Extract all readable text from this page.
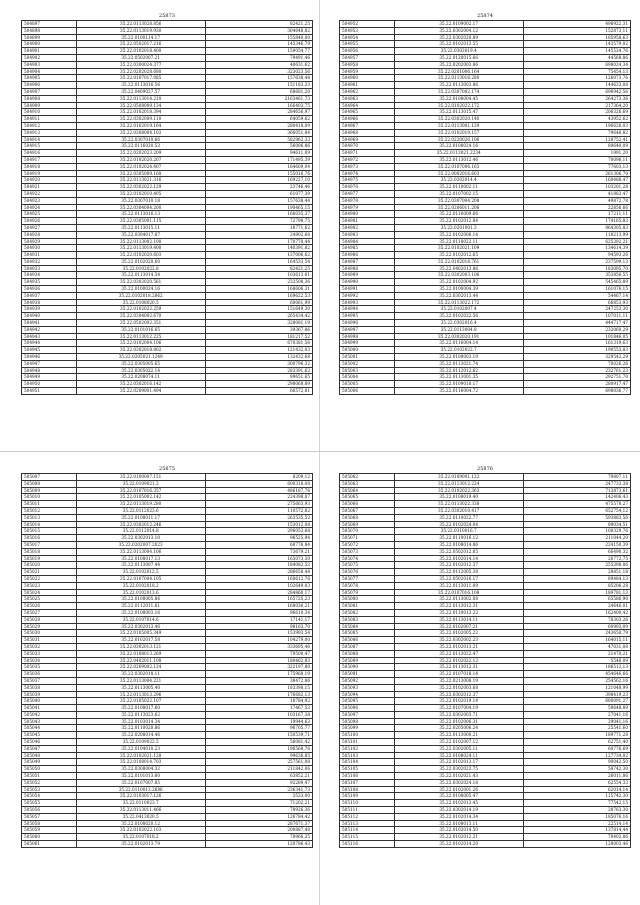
25873
504897	35.22.0113028.856	82421,25
504898	35.22.0113019.930	304648,82
504899	35.22.0100114.17	155840,00
504900	35.22.0502017.216	145346,79
504901	35.22.0102018.400	159054,77
504902	35.22.0502007.21	79491,46
504903	35.22.0300024.377	40631,62
504904	35.22.0202028.680	323023,56
504905	35.22.0107017.085	157638,44
504906	35.22.0113016.56	151183,33
504907	35.22.0409027.57	68681,20
504908	35.22.0113014.210	2163461,73
504909	35.22.0508009.134	166403,75
504910	35.22.0102018.394	284656,97
504911	35.22.0302009.110	64059,62
504912	35.22.0102019.164	280418,09
504913	35.22.0308004.103	366051,84
504914	35.22.0307010.66	582962,33
504915	35.22.0116020.53	56006,86
504916	35.22.0202023.209	94611,09
504917	35.22.0102020.207	171495,39
504918	35.22.0102024.407	164609,04
504919	35.22.0305009.168	155016,76
504920	35.22.0113021.316	169227,10
504921	35.22.0302022.129	23746,46
504922	35.22.0102010.405	61077,39
504923	35.22.0307010.18	157638,44
504924	35.22.0304004.200	190465,15
504925	35.22.0113016.13	166035,37
504926	35.22.0305001.115	72798,75
504927	35.22.0113015.11	18771,62
504928	35.22.0304017.87	24902,68
504929	35.22.0113002.100	170770,44
504930	35.22.0113019.400	140391,82
504931	35.22.0102020.603	137006,62
504932	35.22.0102020.60	164533,54
504933	35.22.0102022.8	82421,25
504934	35.22.0113014.54	103613,61
504935	35.22.0302020.561	233508,36
504936	35.22.0100024.16	168606,31
504937	35.22.0102018.2862	169622,53
504938	35.22.0108020.5	60061,99
504939	35.22.0102022.259	151649,30
504940	35.22.0304002.670	265434,42
504941	35.22.0502002.351	328081,19
504942	35.22.0101016.65	39367,86
504943	35.22.0113012.225	181217,52
504944	35.22.0102004.106	670381,56
504945	35.22.0302018.802	121432,03
504946	35.22.0205021.1249	132432,68
504947	35.22.0305005.65	300796,32
504948	35.22.0305022.14	283391,62
504949	35.22.0208074.11	89651,65
504950	35.22.0302016.142	298068,89
504951	35.22.0209001.494	66572,81
25874
504952	35.22.0109002.17	498922,31
504953	35.22.0302004.12	152873,11
504954	35.22.0302020.89	185958,63
504955	35.22.0102013.55	143579,02
504956	35.22.0302019.4	145524,76
504957	35.22.0120015.66	44568,86
504958	35.22.0202003.86	698024,34
504959	35.22.0201006.164	75454,13
504960	35.22.0113016.280	126073,76
504961	35.22.0113003.86	144633,08
504962	35.22.0307002.174	696942,56
504963	35.22.0108004.45	264273,36
504964	35.22.0102022.172	217364,20
504965	35.22.0113015.47	206326,69
504966	35.22.0302020.140	43952,62
504967	35.22.0113001.129	196626,03
504968	35.22.0102019.157	79646,82
504969	35.22.0220026.106	128752,41
504970	35.22.0108024.16	89640,09
504971	35.22.0113021.2234	1991,20
504972	35.22.0113012.46	70096,11
504973	35.22.0107006.163	77603,13
504974	35.22.0002016.603	261306,70
504975	35.22.0202014.4	160488,47
504976	35.22.0110002.11	103201,28
504977	35.22.0107002.15	41883,47
504978	35.22.0307004.208	49872,78
504979	35.22.0206011.206	22856,66
504980	35.22.0116009.66	17211,11
504981	35.22.0102012.84	174165,83
504982	35.22.0201001.3	864305,83
504983	35.22.0102006.14	118213,99
504984	35.22.0118022.11	625392,21
504985	35.22.0102021.109	134614,39
504986	35.22.0102012.65	94593,26
504987	35.22.0102018.761	237599,13
504988	35.22.0402013.86	183095,70
504989	35.22.0302003.106	353856,55
504990	35.22.0102004.92	545465,89
504991	35.22.0100004.39	161076,15
504992	35.22.0302013.44	54467,14
504993	35.22.0113022.172	66853,93
504994	35.22.0102007.4	247253,30
504995	35.22.0102022.56	107011,11
504996	35.22.0302016.4	444717,47
504997	35.22.0113004.8	232060,29
504998	35.22.0302020.191	101846,05
504999	35.22.0116004.14	161319,63
505000	35.22.0102022.7	190553,83
505001	35.22.0108003.19	329542,29
505002	35.22.0113021.74	70026,26
505003	35.22.0112012.62	232761,23
505004	35.22.0113001.35	292751,70
505005	35.22.0109018.17	280917,47
505006	35.22.0116004.72	698036,77
25875
505007	35.22.0100007.151	8209,12
505008	35.22.0109021.2	600318,08
505009	35.22.0107016.357	486187,76
505010	35.22.0105002.142	224398,07
505011	35.22.0113019.280	275663,93
505012	35.22.0112023.6	110572,82
505013	35.22.0108011.17	263535,52
505014	35.22.0302012.246	153012,08
505015	35.22.0112014.8	296053,68
505016	35.22.0302013.10	96525,94
505017	35.22.0202007.2023	68776,84
505018	35.22.0113004.106	73679,21
505019	35.22.0108017.13	165073,30
505020	35.22.0113007.44	184082,53
505021	35.22.0102012.5	286658,48
505022	35.22.0107004.105	160612,76
505023	35.22.0102018.2	102649,03
505024	35.22.0102013.6	284860,17
505025	35.22.0108005.86	165725,23
505026	35.22.0112011.61	168036,21
505027	35.22.0108003.16	96610,34
505028	35.22.0107014.6	17141,17
505029	35.22.0302013.46	98163,70
505030	35.22.0105005.349	153993,54
505031	35.22.0102017.58	104279,00
505032	35.22.0302013.121	333695,46
505033	35.22.0108013.269	79500,47
505034	35.22.0402011.108	180462,83
505035	35.22.0209002.124	322197,80
505036	35.22.0302018.11	175968,19
505037	35.22.0113004.221	38472,86
505038	35.22.0113005.40	183398,15
505039	35.22.0113013.296	176682,13
505040	35.22.0105022.107	18784,92
505041	35.22.0108017.60	17467,53
505042	35.22.0113023.62	103167,38
505043	35.22.0103014.34	19944,63
505044	35.22.0110020.86	96705,77
505045	35.22.0208014.46	150539,71
505046	35.22.0109022.5	56081,42
505047	35.22.0104010.23	196568,76
505048	35.22.0102021.128	99636,85
505049	35.22.0108014.703	257561,08
505050	35.22.0308004.32	211842,06
505051	35.22.0101013.80	63852,21
505052	35.22.0107007.85	92289,47
505053	35.22.0110013.2686	236341,73
505054	35.22.0103017.126	3533,00
505055	35.22.0110023.7	71202,21
505056	35.22.0113011.466	78926,36
505057	35.22.0413020.5	126784,42
505058	35.22.0108020.12	287671,37
505059	35.22.0102022.103	200887,48
505060	35.22.0107018.2	78966,35
505061	35.22.0102013.79	120786,43
25876
505062	35.22.0109001.122	79807,11
505063	35.22.0113012.224	247733,38
505064	35.22.0102022.363	713873,61
505065	35.22.0108019.40	142406,43
505066	35.22.0113022.338	475578,27
505067	35.22.0302010.417	652754,12
505068	35.22.0110022.77	593883,56
505069	35.22.0102024.04	89034,51
505070	35.22.0310016.7	100329,76
505071	35.22.0110016.12	211044,20
505072	35.22.0108014.86	224150,39
505073	35.22.0502012.65	66490,32
505074	35.22.0102014.14	20772,75
505075	35.22.0102012.37	255398,86
505076	35.22.0112005.38	28851,18
505077	35.22.0502016.17	89484,13
505078	35.22.0113011.09	85206,28
505079	35.22.0107016.108	189781,13
505080	35.22.0113002.08	65586,90
505081	35.22.0113012.31	24646,01
505082	35.22.0110013.22	162400,42
505083	35.22.0113014.11	78303,26
505084	35.22.0102007.21	60993,09
505085	35.22.0102005.22	243650,79
505086	35.22.0302002.23	164015,11
505087	35.22.0102013.21	47031,08
505088	35.22.0113022.47	21470,21
505089	35.22.0102022.12	5546,09
505090	35.22.0113012.31	186512,13
505091	35.22.0107018.14	454646,66
505092	35.22.0213008.19	254562,16
505093	35.22.0102003.68	121048,99
505094	35.22.0302012.37	398419,23
505095	35.22.0102019.14	680091,27
505096	35.22.0107004.19	59648,89
505097	35.22.0302003.71	27041,16
505098	35.22.0102006.31	29041,16
505099	35.22.0205006.24	25541,60
505100	35.22.0113000.21	189771,28
505101	35.22.0102007.12	62751,40
505102	35.22.0302005.11	60776,69
505103	35.22.0108024.11	127734,02
505104	35.22.0102013.17	90042,50
505105	35.22.0302023.75	58742,30
505106	35.22.0102021.43	26011,86
505107	35.22.0302024.18	62554,33
505108	35.22.0102001.26	62014,14
505109	35.22.0108005.47	115742,30
505110	35.22.0102013.45	77542,15
505111	35.22.0302014.19	28763,30
505112	35.22.0102014.34	185076,16
505113	35.22.0108013.11	22514,14
505114	35.22.0102014.50	137814,44
505115	35.22.0102012.21	70402,86
505116	35.22.0102014.20	128003,46
